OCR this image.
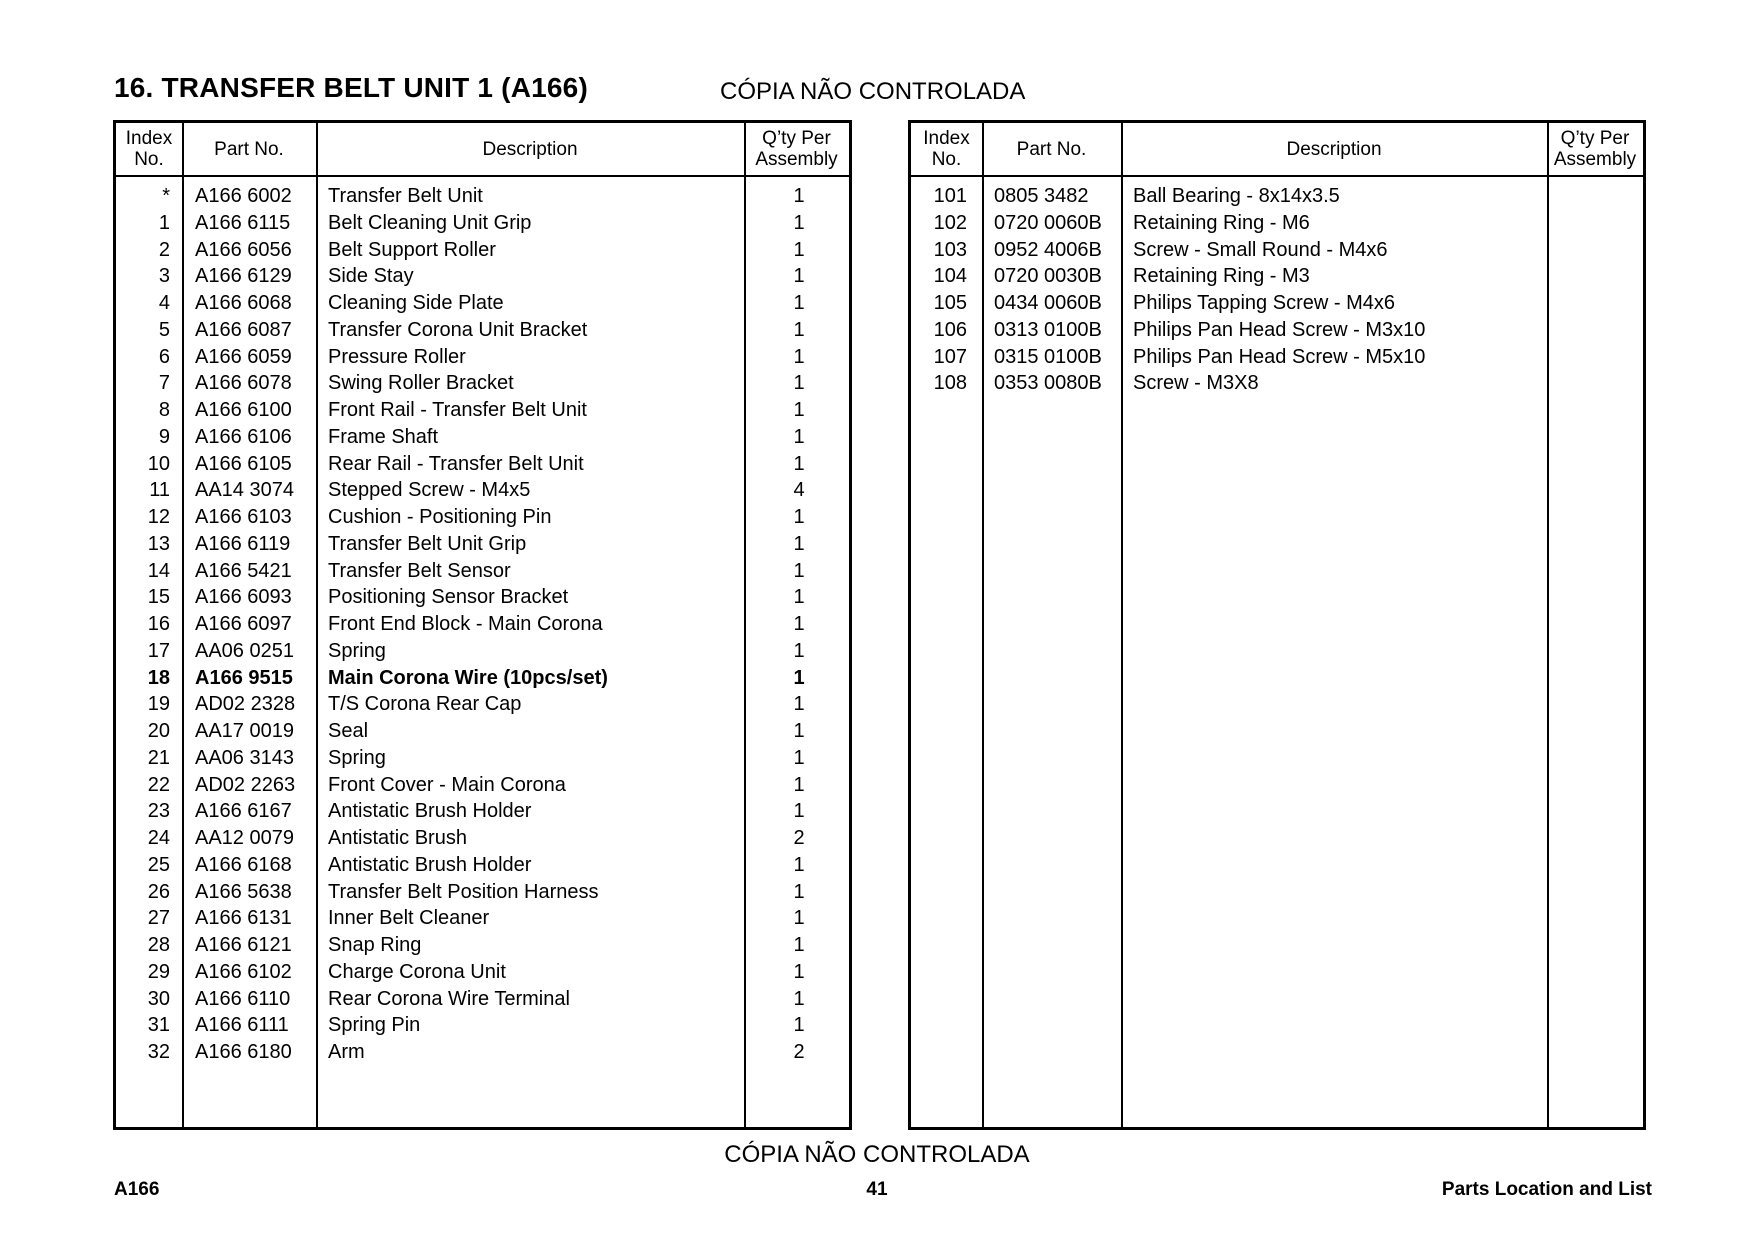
16. TRANSFER BELT UNIT 1 (A166)	CÓPIA NÃO CONTROLADA
Index
No.	Part No.	Description	Q’ty Per
Assembly
* A166 6002 Transfer Belt Unit	1
1 A166 6115 Belt Cleaning Unit Grip	1
2 A166 6056 Belt Support Roller	1
3 A166 6129 Side Stay	1
4 A166 6068 Cleaning Side Plate	1
5 A166 6087 Transfer Corona Unit Bracket	1
6 A166 6059 Pressure Roller	1
7 A166 6078 Swing Roller Bracket	1
8 A166 6100 Front Rail - Transfer Belt Unit	1
9 A166 6106 Frame Shaft	1
10 A166 6105 Rear Rail - Transfer Belt Unit	1
11 AA14 3074 Stepped Screw - M4x5	4
12 A166 6103 Cushion - Positioning Pin	1
13 A166 6119 Transfer Belt Unit Grip	1
14 A166 5421 Transfer Belt Sensor	1
15 A166 6093 Positioning Sensor Bracket	1
16 A166 6097 Front End Block - Main Corona	1
17 AA06 0251 Spring	1
18 A166 9515 Main Corona Wire (10pcs/set)	1
19 AD02 2328 T/S Corona Rear Cap	1
20 AA17 0019 Seal	1
21 AA06 3143 Spring	1
22 AD02 2263 Front Cover - Main Corona	1
23 A166 6167 Antistatic Brush Holder	1
24 AA12 0079 Antistatic Brush	2
25 A166 6168 Antistatic Brush Holder	1
26 A166 5638 Transfer Belt Position Harness	1
27 A166 6131 Inner Belt Cleaner	1
28 A166 6121 Snap Ring	1
29 A166 6102 Charge Corona Unit	1
30 A166 6110 Rear Corona Wire Terminal	1
31 A166 6111 Spring Pin	1
32 A166 6180 Arm	2
Index
No.	Part No.	Description	Q’ty Per
Assembly
101 0805 3482 Ball Bearing - 8x14x3.5
102 0720 0060B Retaining Ring - M6
103 0952 4006B Screw - Small Round - M4x6
104 0720 0030B Retaining Ring - M3
105 0434 0060B Philips Tapping Screw - M4x6
106 0313 0100B Philips Pan Head Screw - M3x10
107 0315 0100B Philips Pan Head Screw - M5x10
108 0353 0080B Screw - M3X8
CÓPIA NÃO CONTROLADA
A166	41	Parts Location and List
